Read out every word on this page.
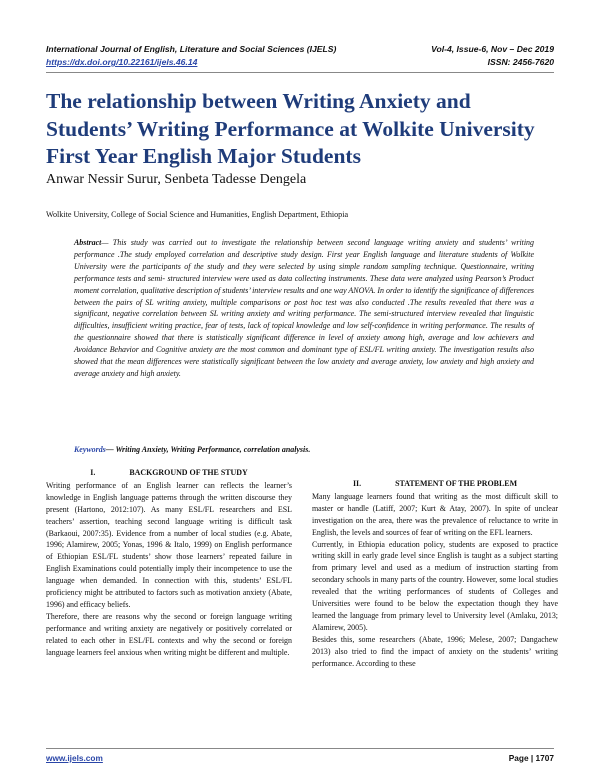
International Journal of English, Literature and Social Sciences (IJELS)	Vol-4, Issue-6, Nov – Dec 2019
https://dx.doi.org/10.22161/ijels.46.14	ISSN: 2456-7620
The relationship between Writing Anxiety and Students’ Writing Performance at Wolkite University First Year English Major Students
Anwar Nessir Surur, Senbeta Tadesse Dengela
Wolkite University, College of Social Science and Humanities, English Department, Ethiopia

Abstract— This study was carried out to investigate the relationship between second language writing anxiety and students’ writing performance .The study employed correlation and descriptive study design. First year English language and literature students of Wolkite University were the participants of the study and they were selected by using simple random sampling technique. Questionnaire, writing performance tests and semi- structured interview were used as data collecting instruments. These data were analyzed using Pearson’s Product moment correlation, qualitative description of students’ interview results and one way ANOVA. In order to identify the significance of differences between the pairs of SL writing anxiety, multiple comparisons or post hoc test was also conducted .The results revealed that there was a significant, negative correlation between SL writing anxiety and writing performance. The semi-structured interview revealed that linguistic difficulties, insufficient writing practice, fear of tests, lack of topical knowledge and low self-confidence in writing performance. The results of the questionnaire showed that there is statistically significant difference in level of anxiety among high, average and low achievers and Avoidance Behavior and Cognitive anxiety are the most common and dominant type of ESL/FL writing anxiety. The investigation results also showed that the mean differences were statistically significant between the low anxiety and average anxiety, low anxiety and high anxiety and average anxiety and high anxiety.

Keywords— Writing Anxiety, Writing Performance, correlation analysis.
I.	BACKGROUND OF THE STUDY

Writing performance of an English learner can reflects the learner’s knowledge in English language patterns through the written discourse they present (Hartono, 2012:107). As many ESL/FL researchers and ESL teachers’ assertion, teaching second language writing is difficult task (Barkaoui, 2007:35). Evidence from a number of local studies (e.g. Abate, 1996; Alamirew, 2005; Yonas, 1996 & Italo, 1999) on English performance of Ethiopian ESL/FL students’ show those learners’ repeated failure in English Examinations could potentially imply their incompetence to use the language when demanded. In connection with this, students’ ESL/FL proficiency might be attributed to factors such as motivation anxiety (Abate, 1996) and efficacy beliefs.

Therefore, there are reasons why the second or foreign language writing performance and writing anxiety are negatively or positively correlated or related to each other in ESL/FL contexts and why the second or foreign language learners feel anxious when writing might be different and multiple.

II.	STATEMENT OF THE PROBLEM

Many language learners found that writing as the most difficult skill to master or handle (Latiff, 2007; Kurt & Atay, 2007). In spite of unclear investigation on the area, there was the prevalence of reluctance to write in English, the levels and sources of fear of writing on the EFL learners.

Currently, in Ethiopia education policy, students are exposed to practice writing skill in early grade level since English is taught as a subject starting from primary level and used as a medium of instruction starting from secondary schools in many parts of the country. However, some local studies revealed that the writing performances of students of Colleges and Universities were found to be below the expectation though they have learned the language from primary level to University level (Amlaku, 2013; Alamirew, 2005).

Besides this, some researchers (Abate, 1996; Melese, 2007; Dangachew 2013) also tried to find the impact of anxiety on the students’ writing performance. According to these

www.ijels.com	Page | 1707
